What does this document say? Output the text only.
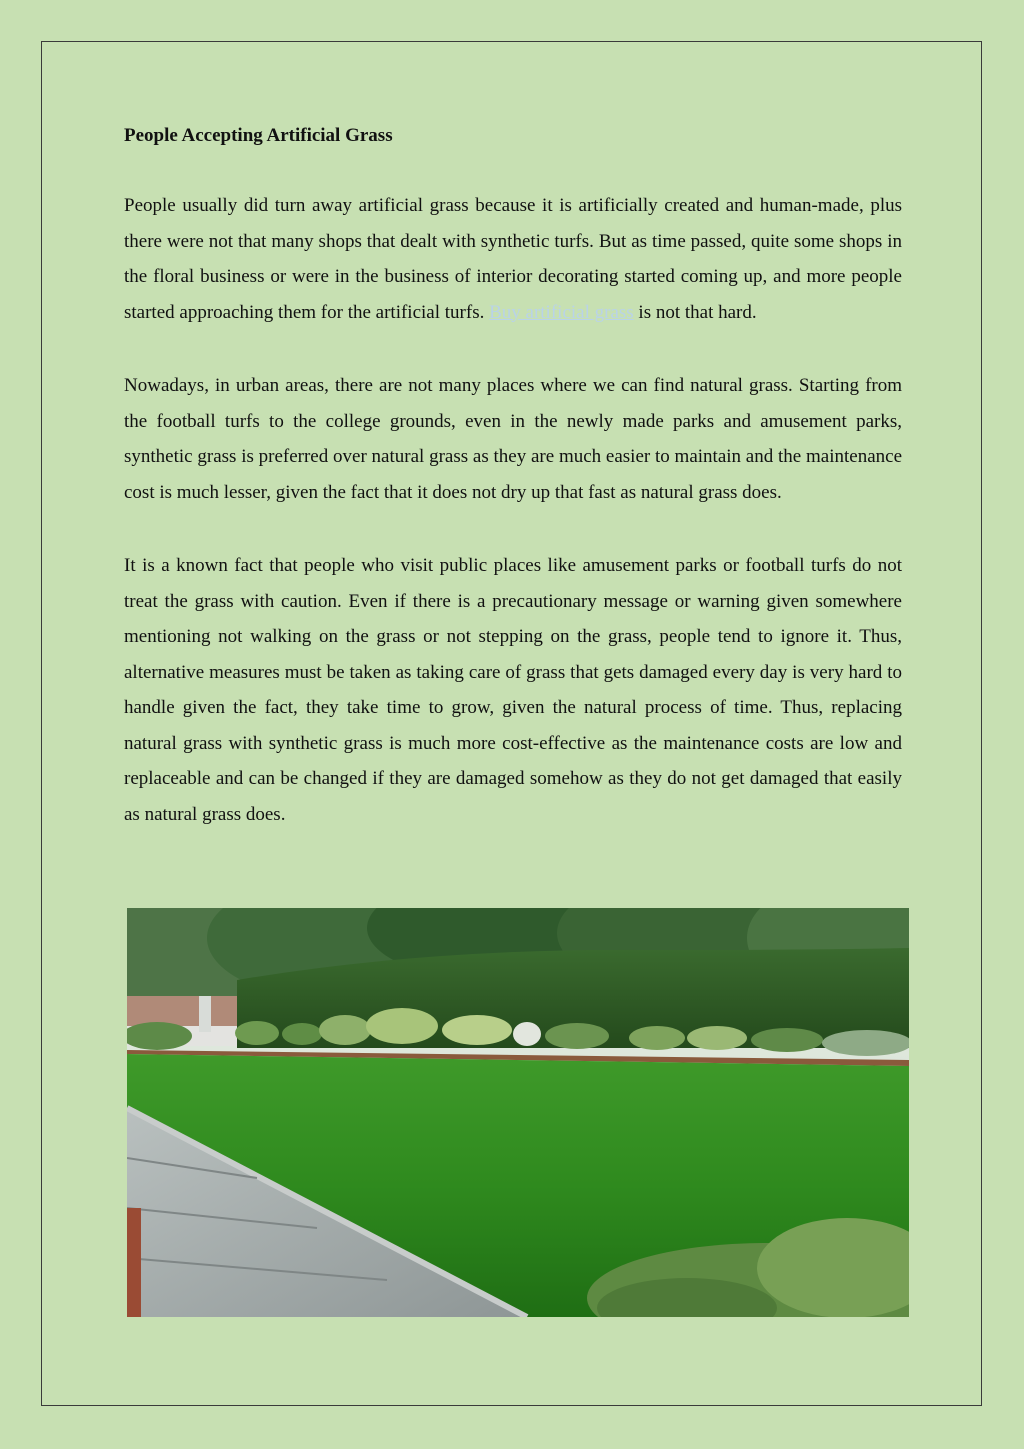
People Accepting Artificial Grass

People usually did turn away artificial grass because it is artificially created and human-made, plus there were not that many shops that dealt with synthetic turfs. But as time passed, quite some shops in the floral business or were in the business of interior decorating started coming up, and more people started approaching them for the artificial turfs. Buy artificial grass is not that hard.

Nowadays, in urban areas, there are not many places where we can find natural grass. Starting from the football turfs to the college grounds, even in the newly made parks and amusement parks, synthetic grass is preferred over natural grass as they are much easier to maintain and the maintenance cost is much lesser, given the fact that it does not dry up that fast as natural grass does.

It is a known fact that people who visit public places like amusement parks or football turfs do not treat the grass with caution. Even if there is a precautionary message or warning given somewhere mentioning not walking on the grass or not stepping on the grass, people tend to ignore it. Thus, alternative measures must be taken as taking care of grass that gets damaged every day is very hard to handle given the fact, they take time to grow, given the natural process of time. Thus, replacing natural grass with synthetic grass is much more cost-effective as the maintenance costs are low and replaceable and can be changed if they are damaged somehow as they do not get damaged that easily as natural grass does.
